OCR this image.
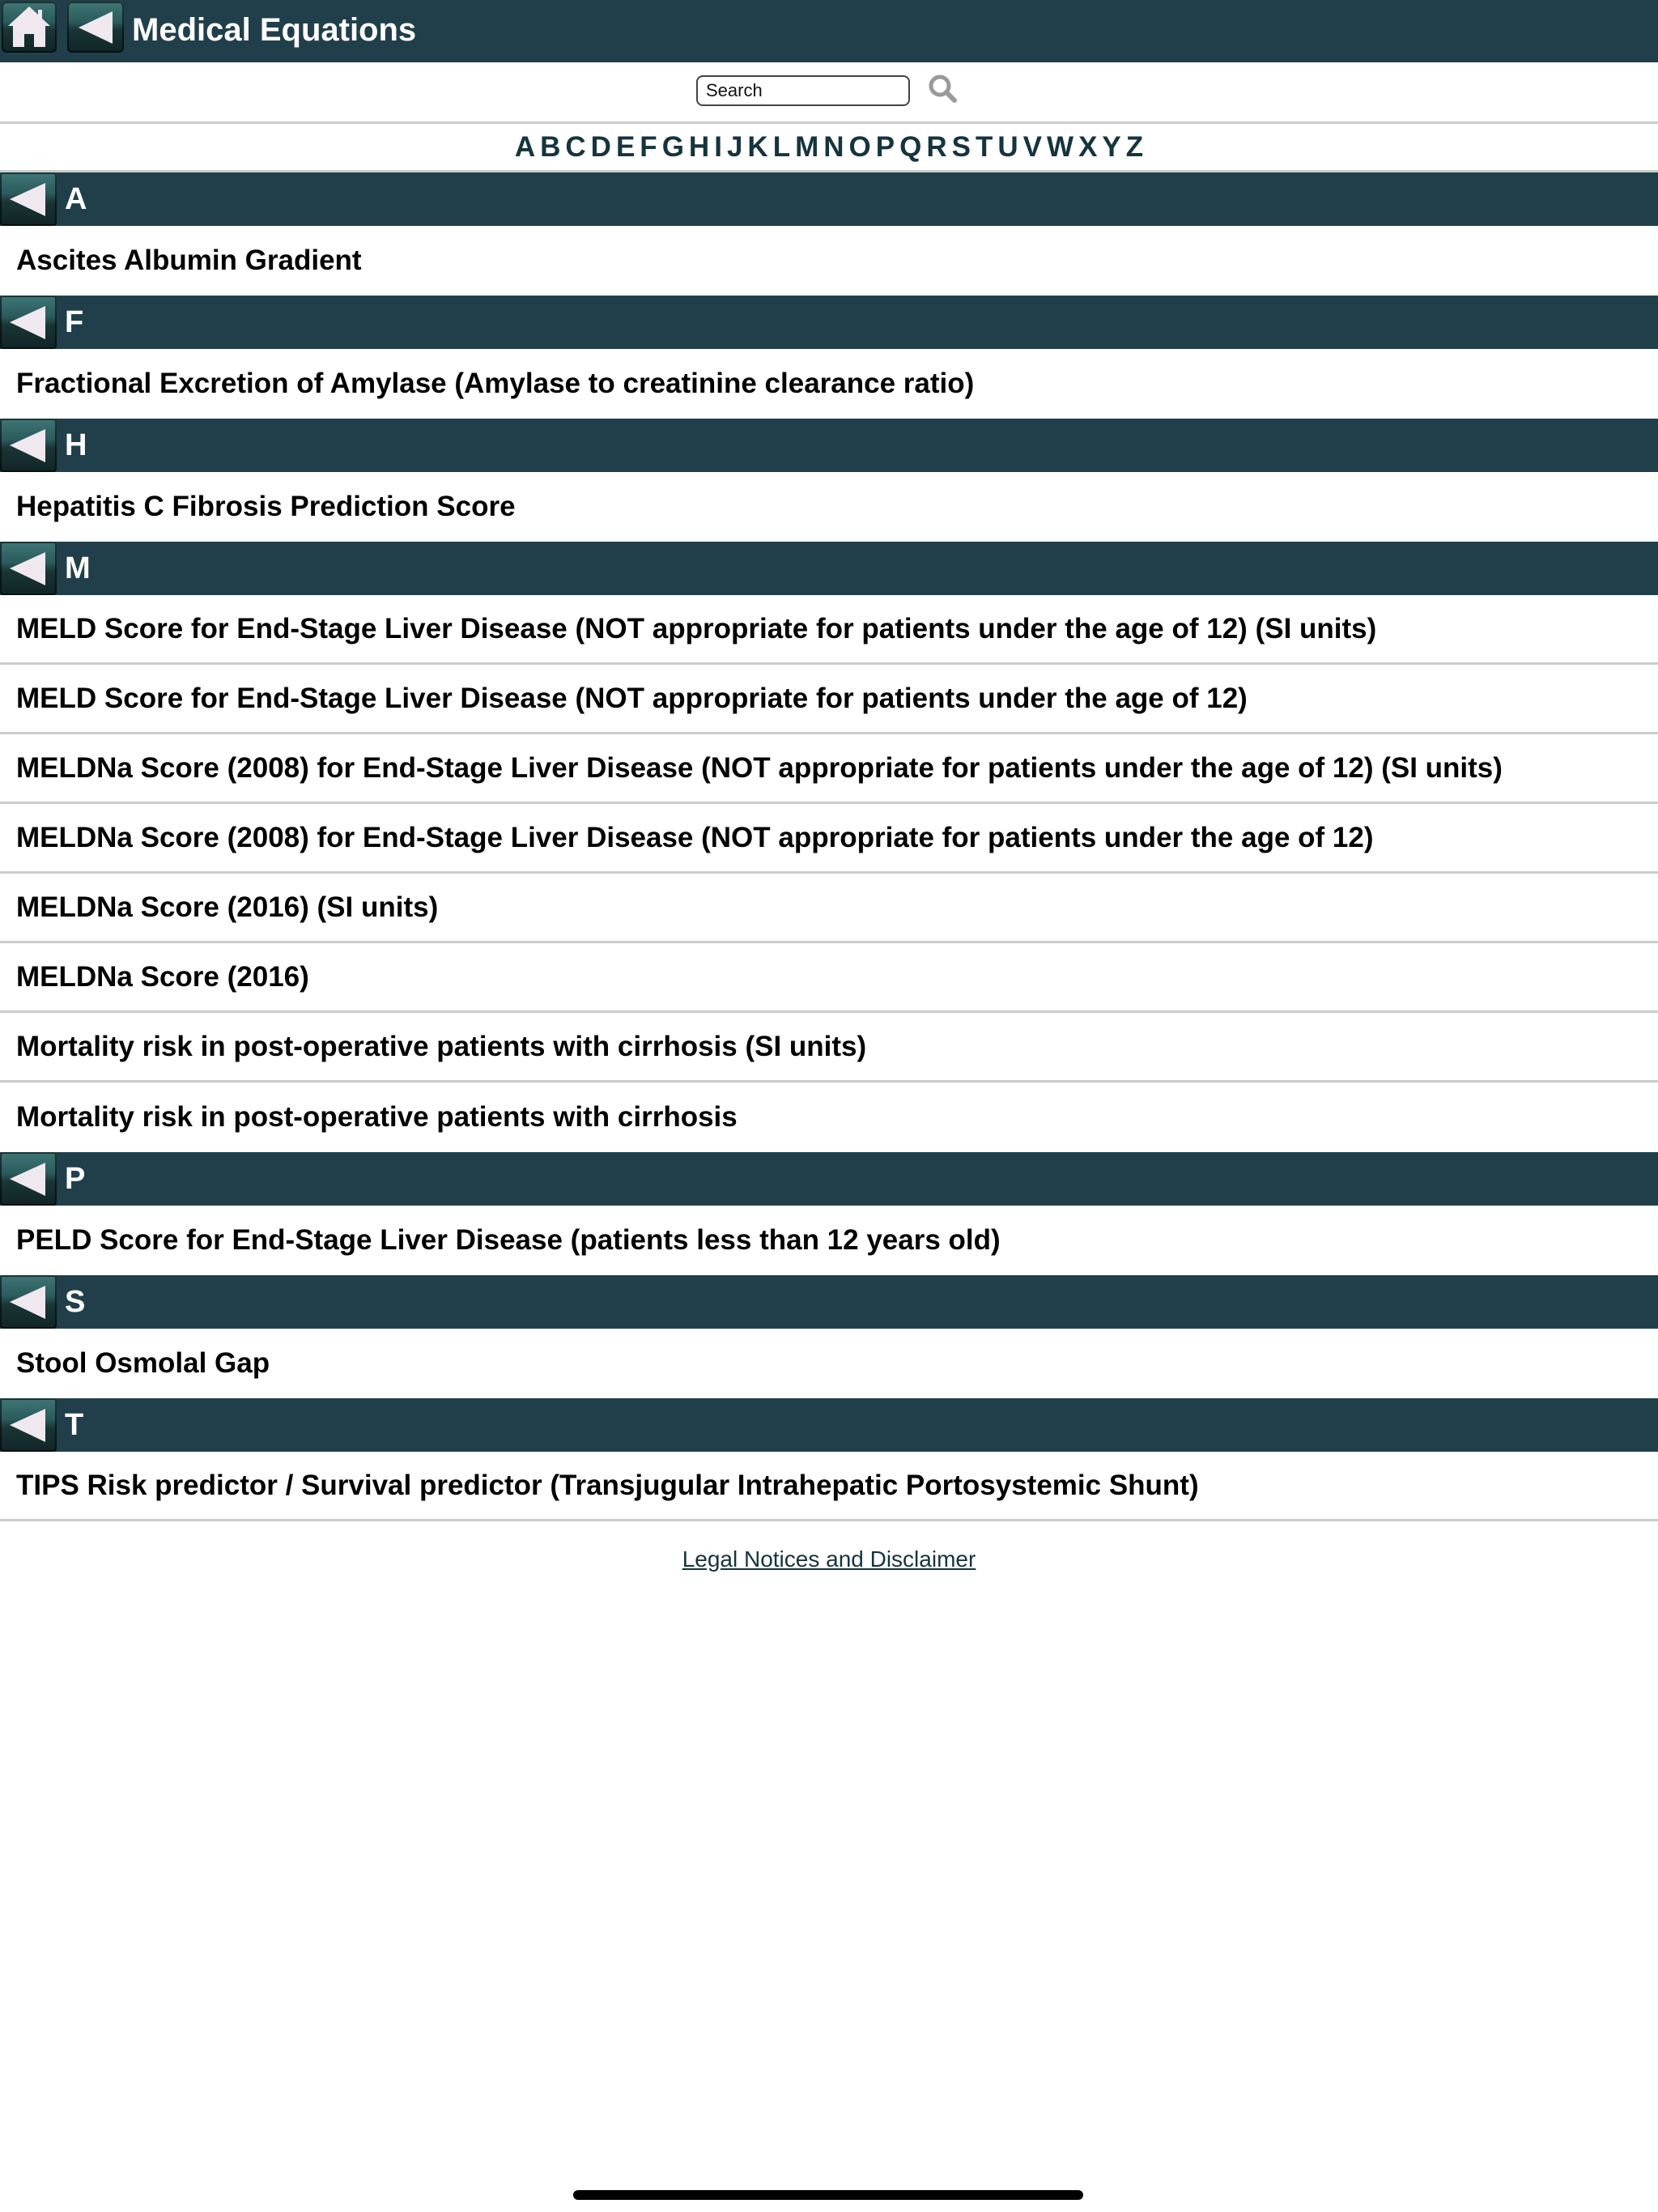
Medical Equations
Search
A B C D E F G H I J K L M N O P Q R S T U V W X Y Z
A
Ascites Albumin Gradient
F
Fractional Excretion of Amylase (Amylase to creatinine clearance ratio)
H
Hepatitis C Fibrosis Prediction Score
M
MELD Score for End-Stage Liver Disease (NOT appropriate for patients under the age of 12) (SI units)
MELD Score for End-Stage Liver Disease (NOT appropriate for patients under the age of 12)
MELDNa Score (2008) for End-Stage Liver Disease (NOT appropriate for patients under the age of 12) (SI units)
MELDNa Score (2008) for End-Stage Liver Disease (NOT appropriate for patients under the age of 12)
MELDNa Score (2016) (SI units)
MELDNa Score (2016)
Mortality risk in post-operative patients with cirrhosis (SI units)
Mortality risk in post-operative patients with cirrhosis
P
PELD Score for End-Stage Liver Disease (patients less than 12 years old)
S
Stool Osmolal Gap
T
TIPS Risk predictor / Survival predictor (Transjugular Intrahepatic Portosystemic Shunt)
Legal Notices and Disclaimer
